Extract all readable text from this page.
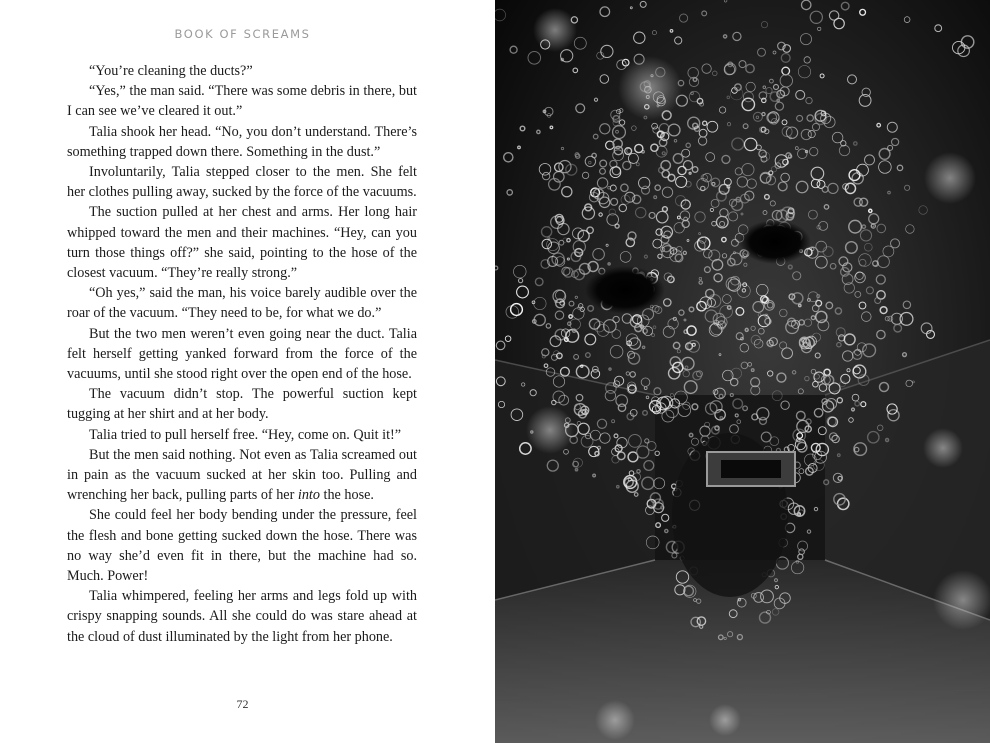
BOOK OF SCREAMS

“You’re cleaning the ducts?”

“Yes,” the man said. “There was some debris in there, but I can see we’ve cleared it out.”

Talia shook her head. “No, you don’t understand. There’s something trapped down there. Something in the dust.”

Involuntarily, Talia stepped closer to the men. She felt her clothes pulling away, sucked by the force of the vacuums.

The suction pulled at her chest and arms. Her long hair whipped toward the men and their machines. “Hey, can you turn those things off?” she said, pointing to the hose of the closest vacuum. “They’re really strong.”

“Oh yes,” said the man, his voice barely audible over the roar of the vacuum. “They need to be, for what we do.”

But the two men weren’t even going near the duct. Talia felt herself getting yanked forward from the force of the vacuums, until she stood right over the open end of the hose.

The vacuum didn’t stop. The powerful suction kept tugging at her shirt and at her body.

Talia tried to pull herself free. “Hey, come on. Quit it!”

But the men said nothing. Not even as Talia screamed out in pain as the vacuum sucked at her skin too. Pulling and wrenching her back, pulling parts of her into the hose.

She could feel her body bending under the pressure, feel the flesh and bone getting sucked down the hose. There was no way she’d even fit in there, but the machine had so. Much. Power!

Talia whimpered, feeling her arms and legs fold up with crispy snapping sounds. All she could do was stare ahead at the cloud of dust illuminated by the light from her phone.

72
